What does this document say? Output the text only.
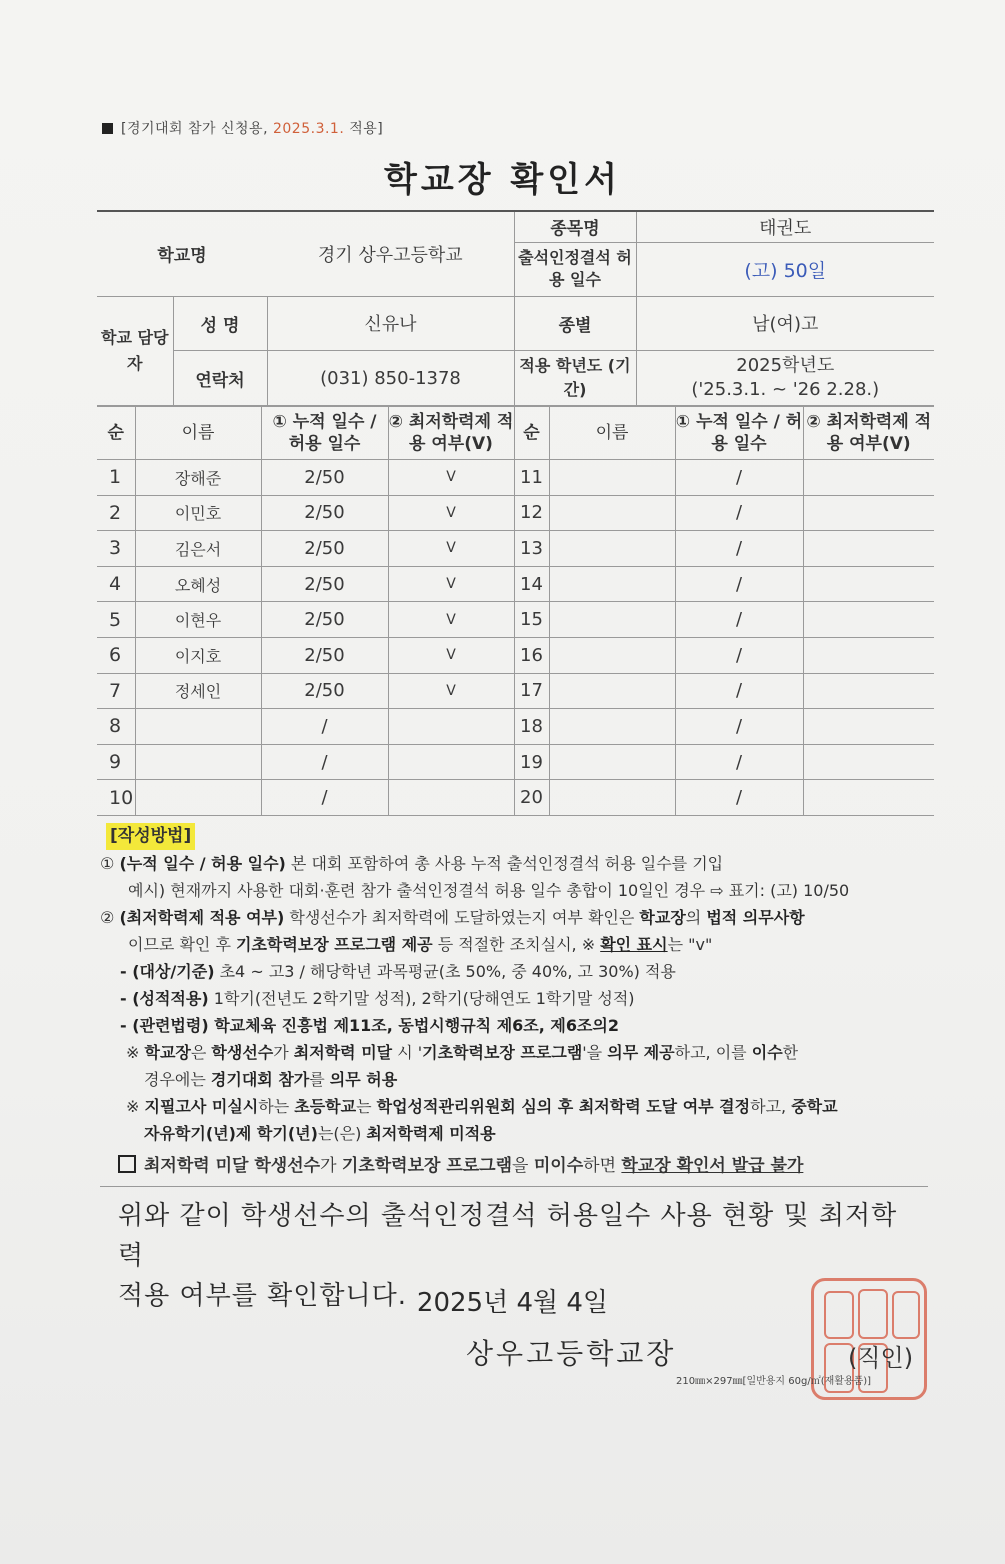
[경기대회 참가 신청용, 2025.3.1. 적용]
학교장 확인서
학교명		경기 상우고등학교	종목명	태권도
			출석인정결석 허용 일수	(고) 50일

학교 담당자	성 명	신유나	종별	남(여)고
	연락처	(031) 850-1378	적용 학년도 (기간)	2025학년도
('25.3.1. ~ '26 2.28.)
순	이름	① 누적 일수 / 허용 일수	② 최저학력제 적용 여부(V)	순	이름	① 누적 일수 / 허용 일수	② 최저학력제 적용 여부(V)
1	장해준	2/50	V	11		/	
2	이민호	2/50	V	12		/	
3	김은서	2/50	V	13		/	
4	오혜성	2/50	V	14		/	
5	이현우	2/50	V	15		/	
6	이지호	2/50	V	16		/	
7	정세인	2/50	V	17		/	
8		/		18		/	
9		/		19		/	
10		/		20		/	
[작성방법]
① (누적 일수 / 허용 일수) 본 대회 포함하여 총 사용 누적 출석인정결석 허용 일수를 기입
예시) 현재까지 사용한 대회·훈련 참가 출석인정결석 허용 일수 총합이 10일인 경우 ⇨ 표기: (고) 10/50
② (최저학력제 적용 여부) 학생선수가 최저학력에 도달하였는지 여부 확인은 학교장의 법적 의무사항
이므로 확인 후 기초학력보장 프로그램 제공 등 적절한 조치실시, ※ 확인 표시는 "v"
- (대상/기준) 초4 ~ 고3 / 해당학년 과목평균(초 50%, 중 40%, 고 30%) 적용
- (성적적용) 1학기(전년도 2학기말 성적), 2학기(당해연도 1학기말 성적)
- (관련법령) 학교체육 진흥법 제11조, 동법시행규칙 제6조, 제6조의2
※ 학교장은 학생선수가 최저학력 미달 시 '기초학력보장 프로그램'을 의무 제공하고, 이를 이수한
경우에는 경기대회 참가를 의무 허용
※ 지필고사 미실시하는 초등학교는 학업성적관리위원회 심의 후 최저학력 도달 여부 결정하고, 중학교
자유학기(년)제 학기(년)는(은) 최저학력제 미적용
최저학력 미달 학생선수가 기초학력보장 프로그램을 미이수하면 학교장 확인서 발급 불가
위와 같이 학생선수의 출석인정결석 허용일수 사용 현황 및 최저학력
적용 여부를 확인합니다. 2025년 4월 4일
상우고등학교장	(직인)
210㎜×297㎜[일반용지 60g/㎡(재활용품)]
